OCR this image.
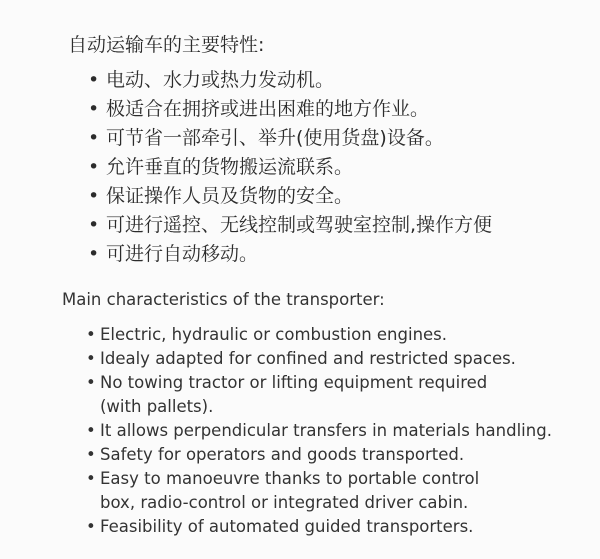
自动运输车的主要特性:
• 电动、水力或热力发动机。
• 极适合在拥挤或进出困难的地方作业。
• 可节省一部牵引、举升(使用货盘)设备。
• 允许垂直的货物搬运流联系。
• 保证操作人员及货物的安全。
• 可进行遥控、无线控制或驾驶室控制,操作方便
• 可进行自动移动。
Main characteristics of the transporter:
• Electric, hydraulic or combustion engines.
• Idealy adapted for confined and restricted spaces.
• No towing tractor or lifting equipment required
(with pallets).
• It allows perpendicular transfers in materials handling.
• Safety for operators and goods transported.
• Easy to manoeuvre thanks to portable control
box, radio-control or integrated driver cabin.
• Feasibility of automated guided transporters.
